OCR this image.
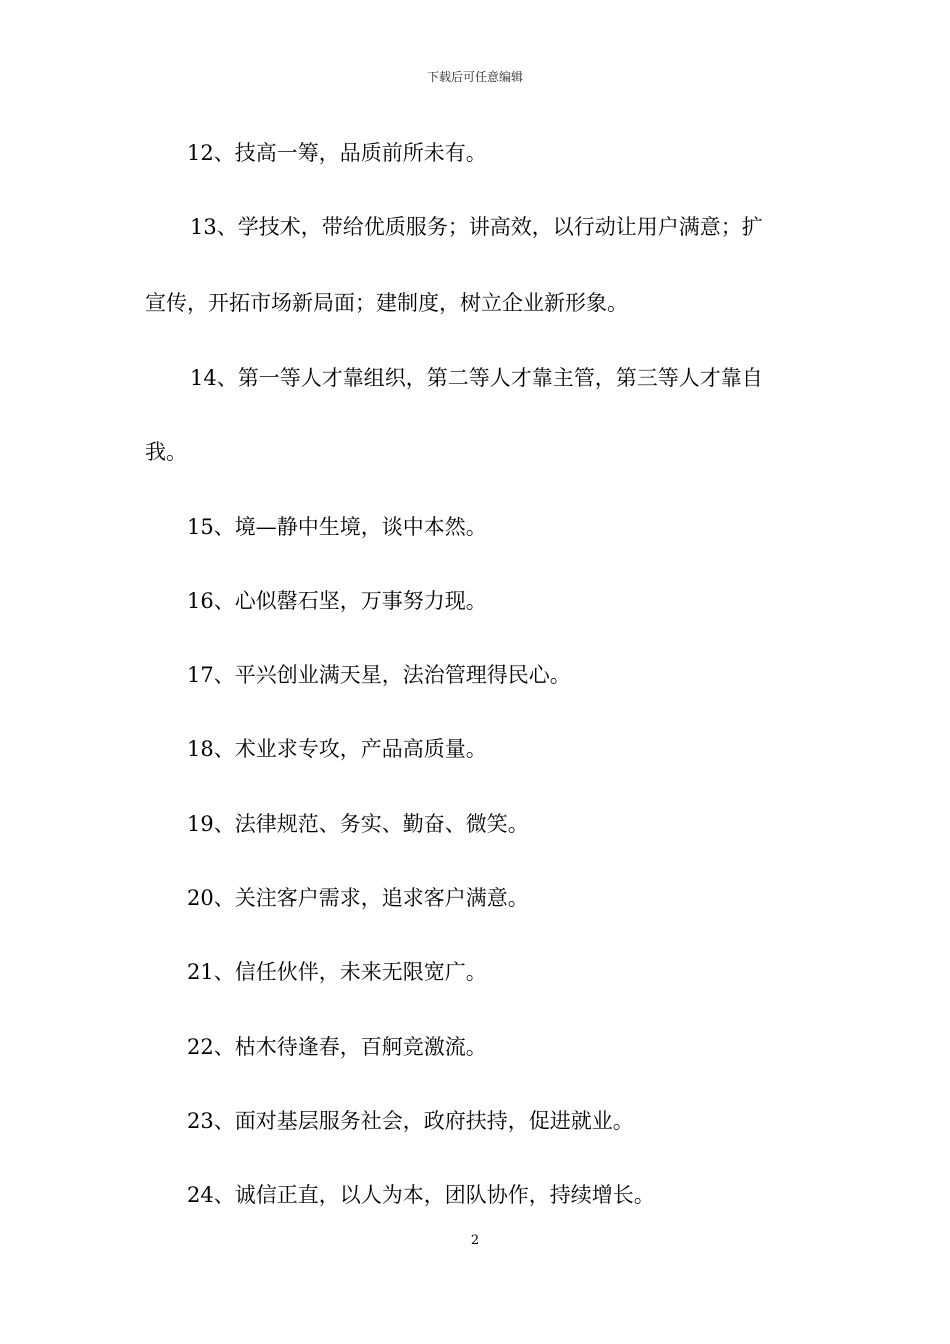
下载后可任意编辑
12、技高一筹，品质前所未有。
13、学技术，带给优质服务；讲高效，以行动让用户满意；扩
宣传，开拓市场新局面；建制度，树立企业新形象。
14、第一等人才靠组织，第二等人才靠主管，第三等人才靠自
我。
15、境—静中生境，谈中本然。
16、心似罄石坚，万事努力现。
17、平兴创业满天星，法治管理得民心。
18、术业求专攻，产品高质量。
19、法律规范、务实、勤奋、微笑。
20、关注客户需求，追求客户满意。
21、信任伙伴，未来无限宽广。
22、枯木待逢春，百舸竞激流。
23、面对基层服务社会，政府扶持，促进就业。
24、诚信正直，以人为本，团队协作，持续增长。
2
